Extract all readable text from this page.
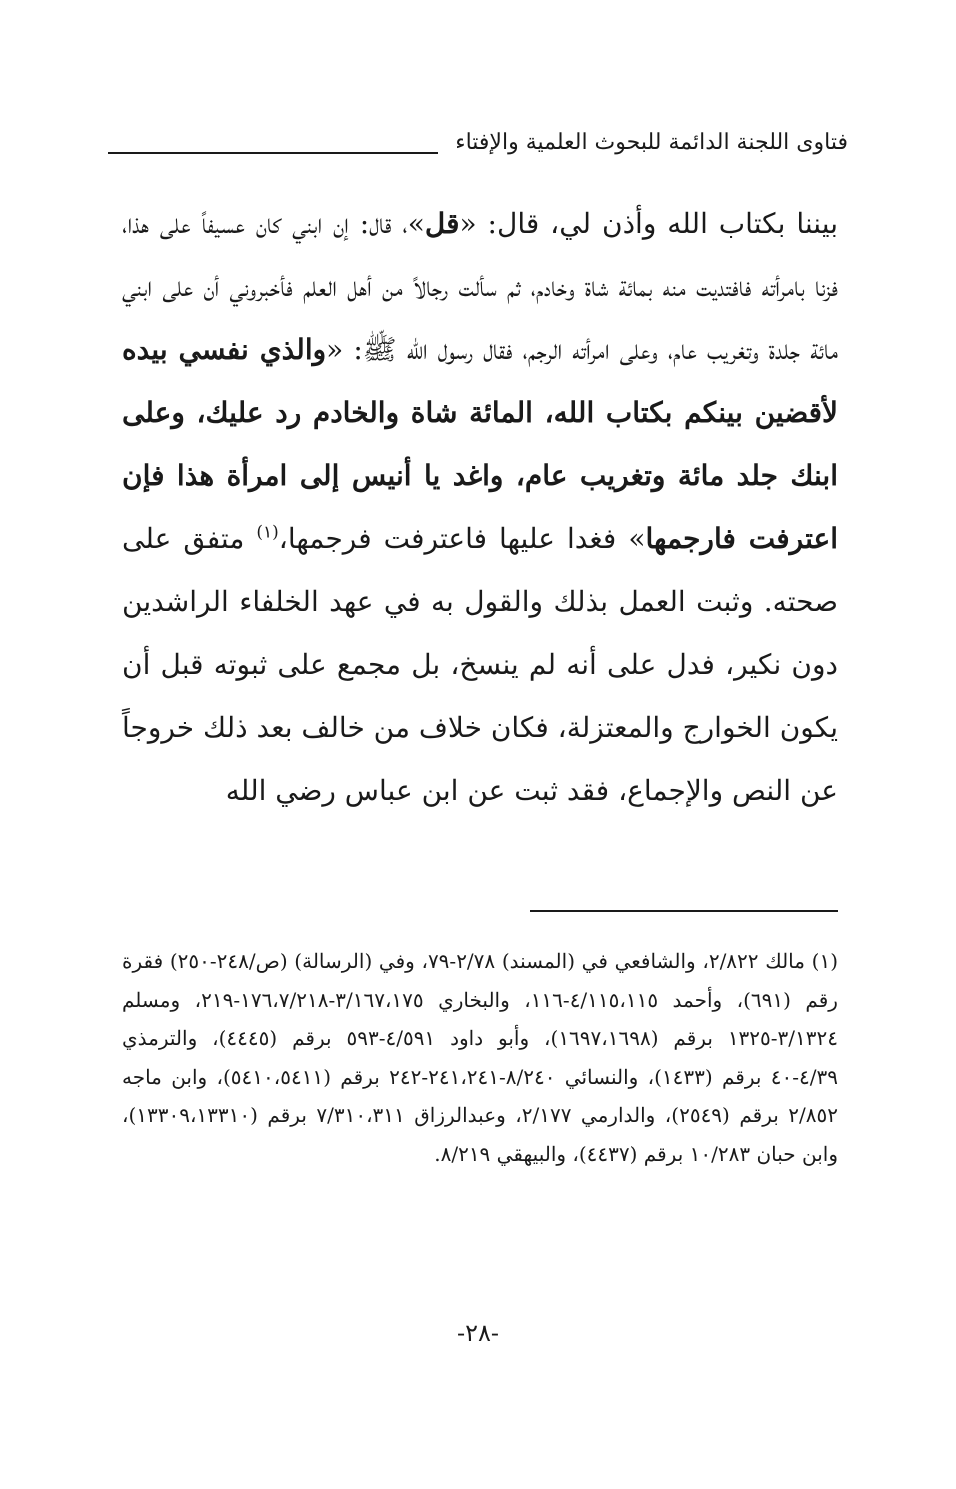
فتاوى اللجنة الدائمة للبحوث العلمية والإفتاء
بيننا بكتاب الله وأذن لي، قال: «قل»، قال: إن ابني كان عسيفاً على هذا، فزنا بامرأته فافتديت منه بمائة شاة وخادم، ثم سألت رجالاً من أهل العلم فأخبروني أن على ابني مائة جلدة وتغريب عام، وعلى امرأته الرجم، فقال رسول الله ﷺ: «والذي نفسي بيده لأقضين بينكم بكتاب الله، المائة شاة والخادم رد عليك، وعلى ابنك جلد مائة وتغريب عام، واغد يا أنيس إلى امرأة هذا فإن اعترفت فارجمها» فغدا عليها فاعترفت فرجمها،$^{(١)}$ متفق على صحته. وثبت العمل بذلك والقول به في عهد الخلفاء الراشدين دون نكير، فدل على أنه لم ينسخ، بل مجمع على ثبوته قبل أن يكون الخوارج والمعتزلة، فكان خلاف من خالف بعد ذلك خروجاً عن النص والإجماع، فقد ثبت عن ابن عباس رضي الله
(١) مالك ٢/٨٢٢، والشافعي في (المسند) ٢/٧٨-٧٩، وفي (الرسالة) (ص/٢٤٨-٢٥٠) فقرة رقم (٦٩١)، وأحمد ٤/١١٥،١١٥-١١٦، والبخاري ٣/١٦٧،١٧٥-١٧٦،٧/٢١٨-٢١٩، ومسلم ٣/١٣٢٤-١٣٢٥ برقم (١٦٩٧،١٦٩٨)، وأبو داود ٤/٥٩١-٥٩٣ برقم (٤٤٤٥)، والترمذي ٤/٣٩-٤٠ برقم (١٤٣٣)، والنسائي ٨/٢٤٠-٢٤١،٢٤١-٢٤٢ برقم (٥٤١٠،٥٤١١)، وابن ماجه ٢/٨٥٢ برقم (٢٥٤٩)، والدارمي ٢/١٧٧، وعبدالرزاق ٧/٣١٠،٣١١ برقم (١٣٣٠٩،١٣٣١٠)، وابن حبان ١٠/٢٨٣ برقم (٤٤٣٧)، والبيهقي ٨/٢١٩.
-٢٨-
